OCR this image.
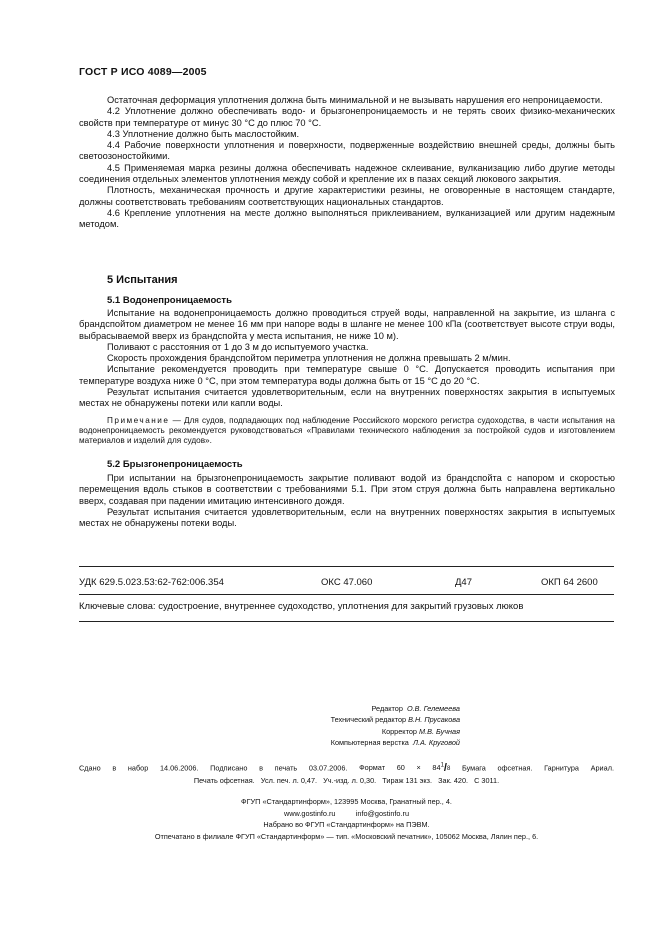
ГОСТ Р ИСО 4089—2005

Остаточная деформация уплотнения должна быть минимальной и не вызывать нарушения его непроницаемости.

4.2 Уплотнение должно обеспечивать водо- и брызгонепроницаемость и не терять своих физико-механических свойств при температуре от минус 30 °С до плюс 70 °С.

4.3 Уплотнение должно быть маслостойким.

4.4 Рабочие поверхности уплотнения и поверхности, подверженные воздействию внешней среды, должны быть светоозоностойкими.

4.5 Применяемая марка резины должна обеспечивать надежное склеивание, вулканизацию либо другие методы соединения отдельных элементов уплотнения между собой и крепление их в пазах секций люкового закрытия.

Плотность, механическая прочность и другие характеристики резины, не оговоренные в настоящем стандарте, должны соответствовать требованиям соответствующих национальных стандартов.

4.6 Крепление уплотнения на месте должно выполняться приклеиванием, вулканизацией или другим надежным методом.

5 Испытания
5.1 Водонепроницаемость

Испытание на водонепроницаемость должно проводиться струей воды, направленной на закрытие, из шланга с брандспойтом диаметром не менее 16 мм при напоре воды в шланге не менее 100 кПа (соответствует высоте струи воды, выбрасываемой вверх из брандспойта у места испытания, не ниже 10 м).

Поливают с расстояния от 1 до 3 м до испытуемого участка.

Скорость прохождения брандспойтом периметра уплотнения не должна превышать 2 м/мин.

Испытание рекомендуется проводить при температуре свыше 0 °С. Допускается проводить испытания при температуре воздуха ниже 0 °С, при этом температура воды должна быть от 15 °С до 20 °С.

Результат испытания считается удовлетворительным, если на внутренних поверхностях закрытия в испытуемых местах не обнаружены потеки или капли воды.

Примечание — Для судов, подпадающих под наблюдение Российского морского регистра судоходства, в части испытания на водонепроницаемость рекомендуется руководствоваться «Правилами технического наблюдения за постройкой судов и изготовлением материалов и изделий для судов».

5.2 Брызгонепроницаемость

При испытании на брызгонепроницаемость закрытие поливают водой из брандспойта с напором и скоростью перемещения вдоль стыков в соответствии с требованиями 5.1. При этом струя должна быть направлена вертикально вверх, создавая при падении имитацию интенсивного дождя.

Результат испытания считается удовлетворительным, если на внутренних поверхностях закрытия в испытуемых местах не обнаружены потеки воды.

УДК 629.5.023.53:62-762:006.354	ОКС 47.060	Д47	ОКП 64 2600
Ключевые слова: судостроение, внутреннее судоходство, уплотнения для закрытий грузовых люков
Редактор О.В. Гелемеева
Технический редактор В.Н. Прусакова
Корректор М.В. Бучная
Компьютерная верстка Л.А. Круговой
Сдано в набор 14.06.2006. Подписано в печать 03.07.2006. Формат $60 \times 84^1/8$ Бумага офсетная. Гарнитура Ариал.
Печать офсетная.   Усл. печ. л. 0,47.   Уч.-изд. л. 0,30.   Тираж 131 экз.   Зак. 420.   С 3011.
ФГУП «Стандартинформ», 123995 Москва, Гранатный пер., 4.
www.gostinfo.ru          info@gostinfo.ru
Набрано во ФГУП «Стандартинформ» на ПЭВМ.
Отпечатано в филиале ФГУП «Стандартинформ» — тип. «Московский печатник», 105062 Москва, Лялин пер., 6.
